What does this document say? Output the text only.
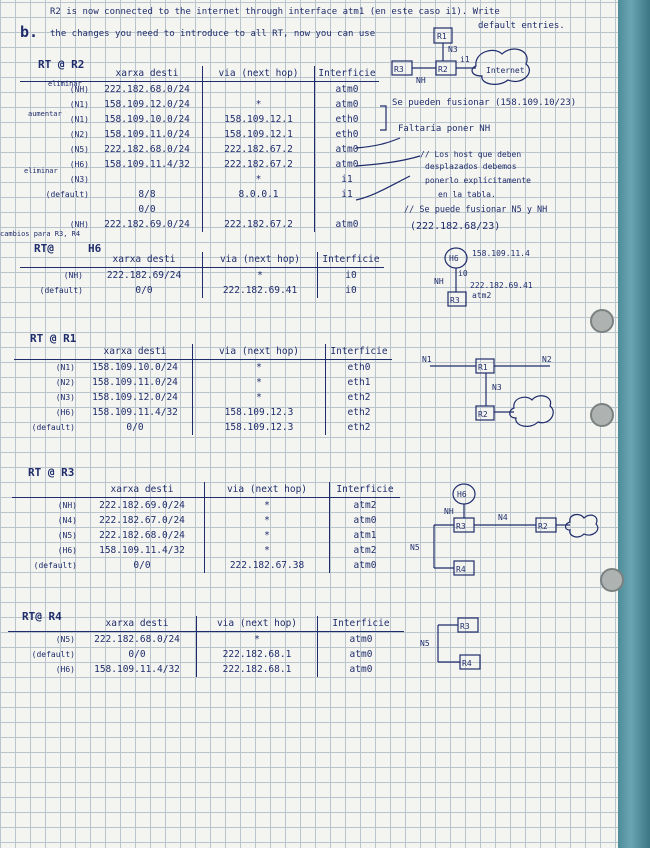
b.
R2 is now connected to the internet through interface atm1 (en este caso i1). Write
the changes you need to introduce to all RT, now you can use
default entries.
R1
N3
R3	R2
NH
i1
Internet
RT @ R2
eliminar
aumentar
eliminar
	xarxa desti	via (next hop)	Interficie
(NH)	222.182.68.0/24		atm0
(N1)	158.109.12.0/24	*	atm0
(N1)	158.109.10.0/24	158.109.12.1	eth0
(N2)	158.109.11.0/24	158.109.12.1	eth0
(N5)	222.182.68.0/24	222.182.67.2	atm0
(H6)	158.109.11.4/32	222.182.67.2	atm0
(N3)		*	i1
(default)	8/8	8.0.0.1	i1
	0/0		
(NH)	222.182.69.0/24	222.182.67.2	atm0
Se pueden fusionar (158.109.10/23)
Faltaría poner NH
// Los host que deben
desplazados debemos
ponerlo explícitamente
en la tabla.
// Se puede fusionar N5 y NH
(222.182.68/23)
cambios para R3, R4
RT@	H6
	xarxa desti	via (next hop)	Interficie
(NH)	222.182.69/24	*	i0
(default)	0/0	222.182.69.41	i0
H6
158.109.11.4
i0
NH
R3
222.182.69.41
atm2
RT @ R1
	xarxa desti	via (next hop)	Interficie
(N1)	158.109.10.0/24	*	eth0
(N2)	158.109.11.0/24	*	eth1
(N3)	158.109.12.0/24	*	eth2
(H6)	158.109.11.4/32	158.109.12.3	eth2
(default)	0/0	158.109.12.3	eth2
N1	N2
R1
N3
R2
RT @ R3
	xarxa desti	via (next hop)	Interficie
(NH)	222.182.69.0/24	*	atm2
(N4)	222.182.67.0/24	*	atm0
(N5)	222.182.68.0/24	*	atm1
(H6)	158.109.11.4/32	*	atm2
(default)	0/0	222.182.67.38	atm0
H6
NH
R3
N4
R2
N5
R4
RT@ R4
	xarxa desti	via (next hop)	Interficie
(N5)	222.182.68.0/24	*	atm0
(default)	0/0	222.182.68.1	atm0
(H6)	158.109.11.4/32	222.182.68.1	atm0
R3
N5
R4
